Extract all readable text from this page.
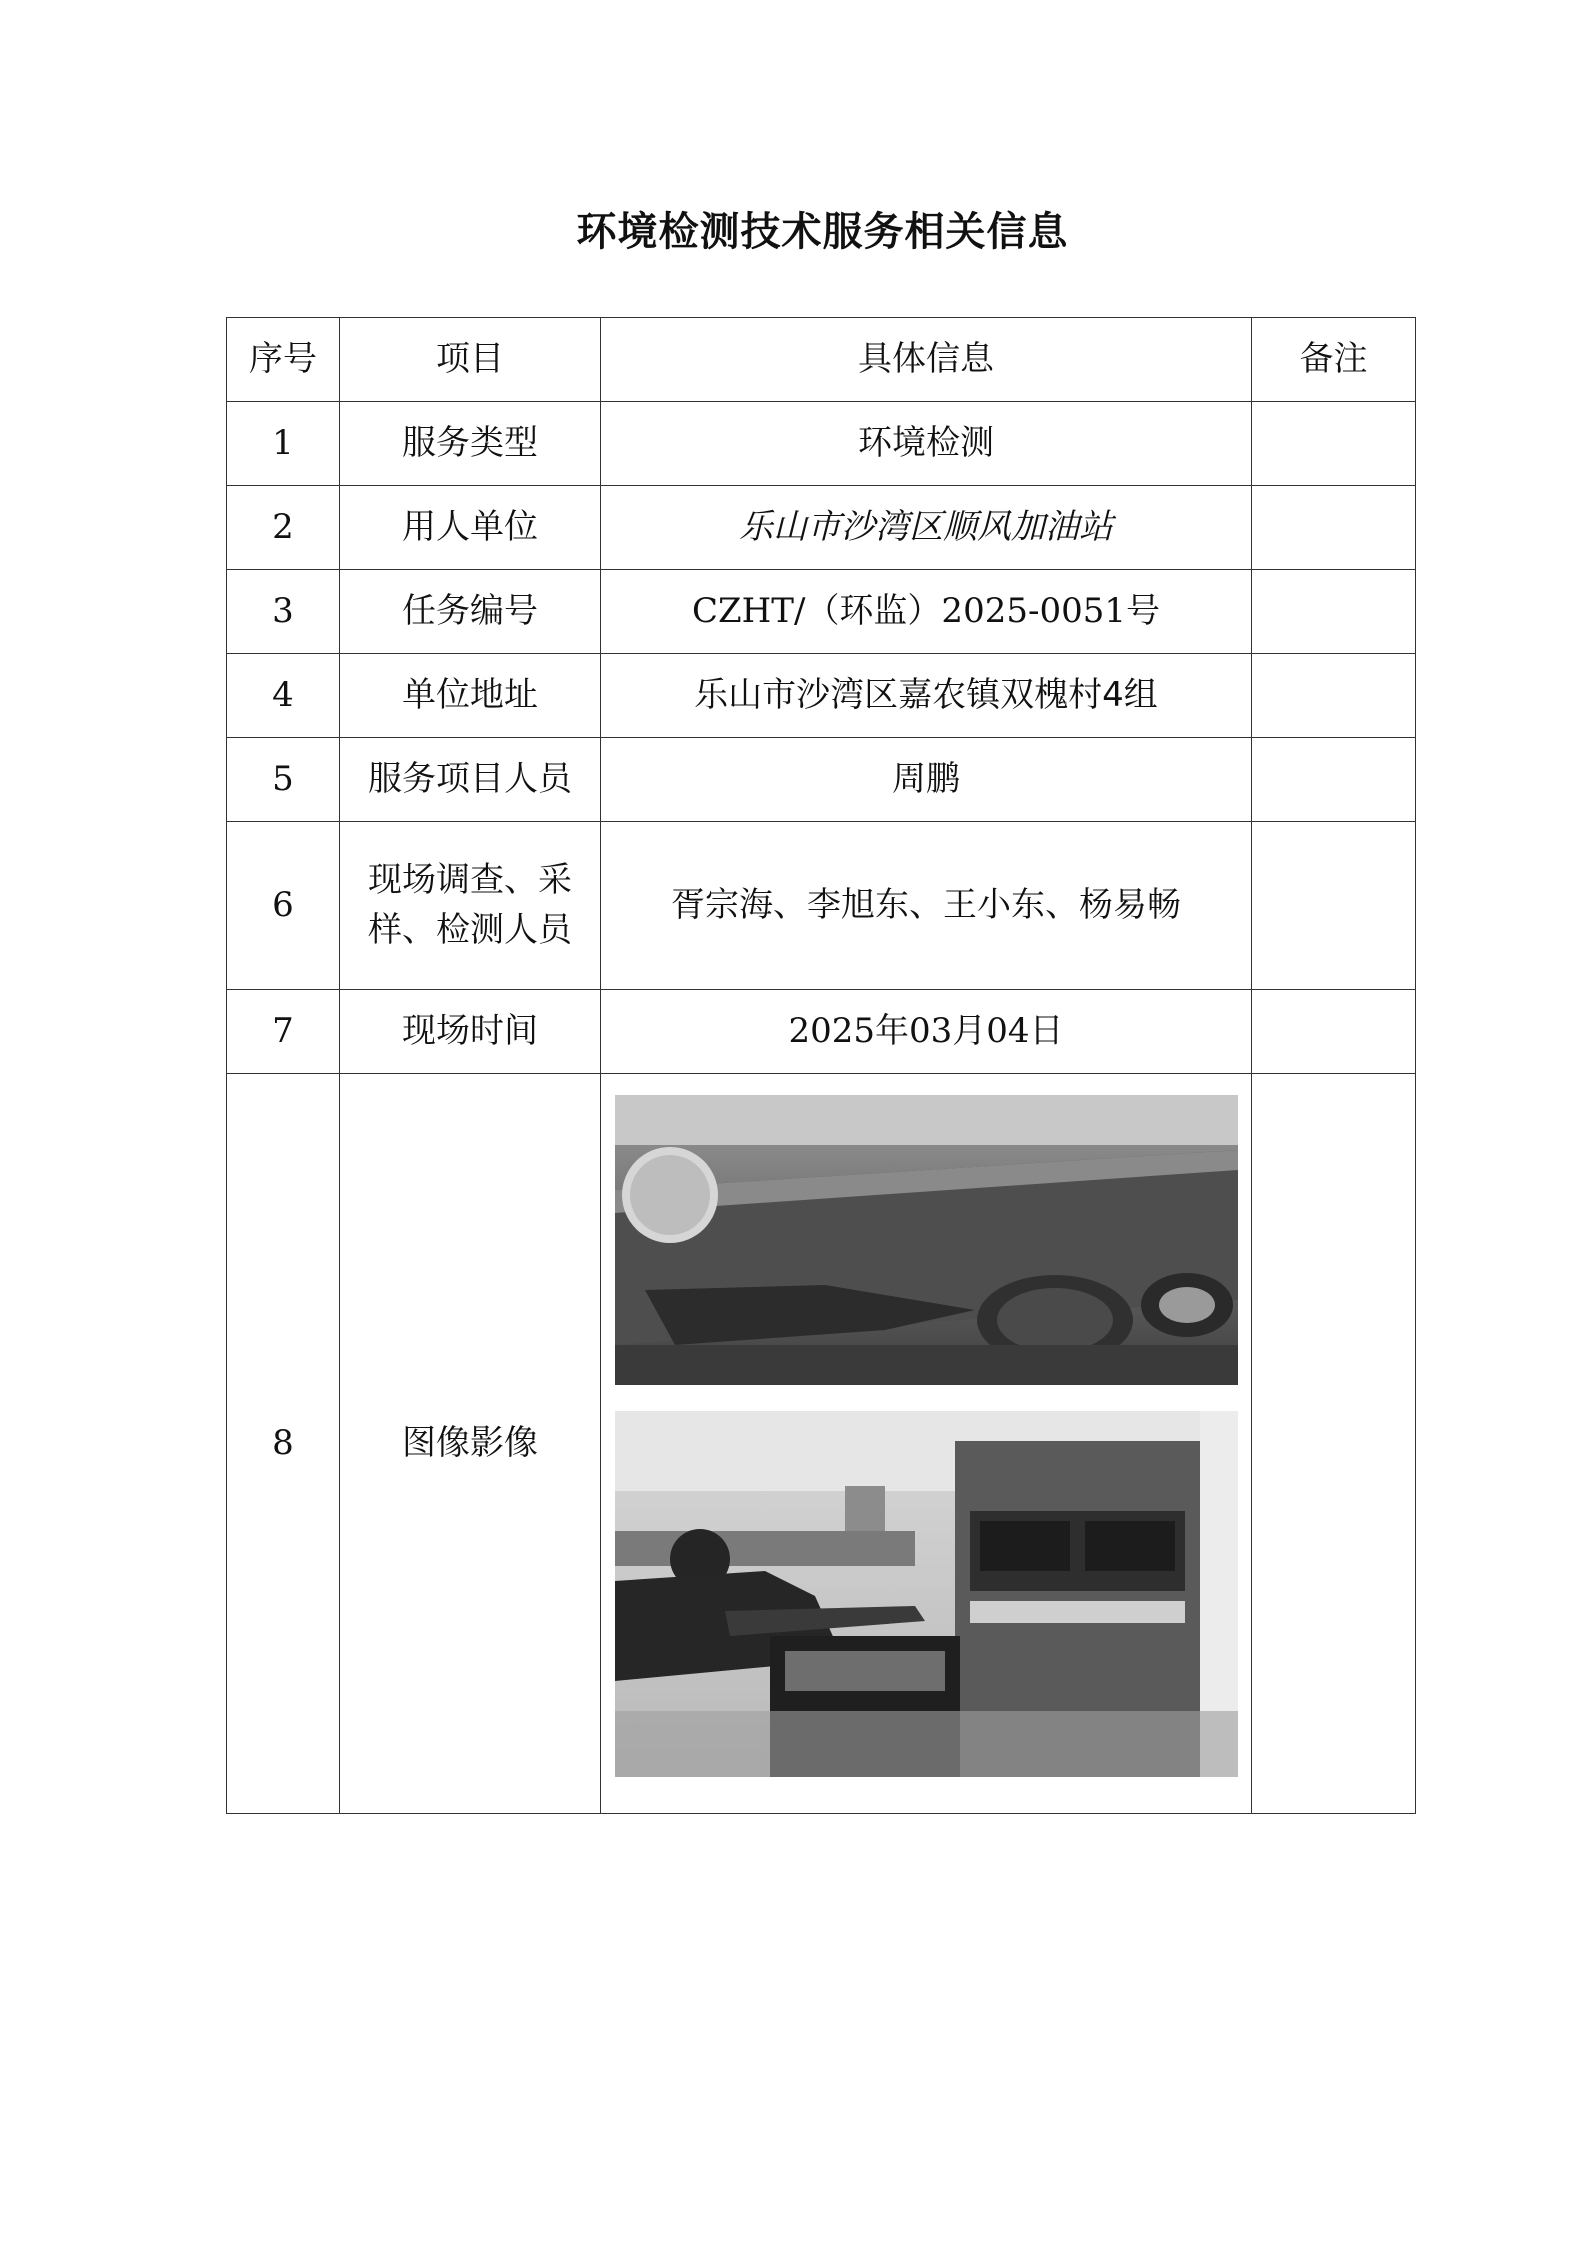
环境检测技术服务相关信息
序号	项目	具体信息	备注
1	服务类型	环境检测	
2	用人单位	乐山市沙湾区顺风加油站	
3	任务编号	CZHT/（环监）2025-0051号	
4	单位地址	乐山市沙湾区嘉农镇双槐村4组	
5	服务项目人员	周鹏	
6	现场调查、采样、检测人员	胥宗海、李旭东、王小东、杨易畅	
7	现场时间	2025年03月04日	
8	图像影像	
